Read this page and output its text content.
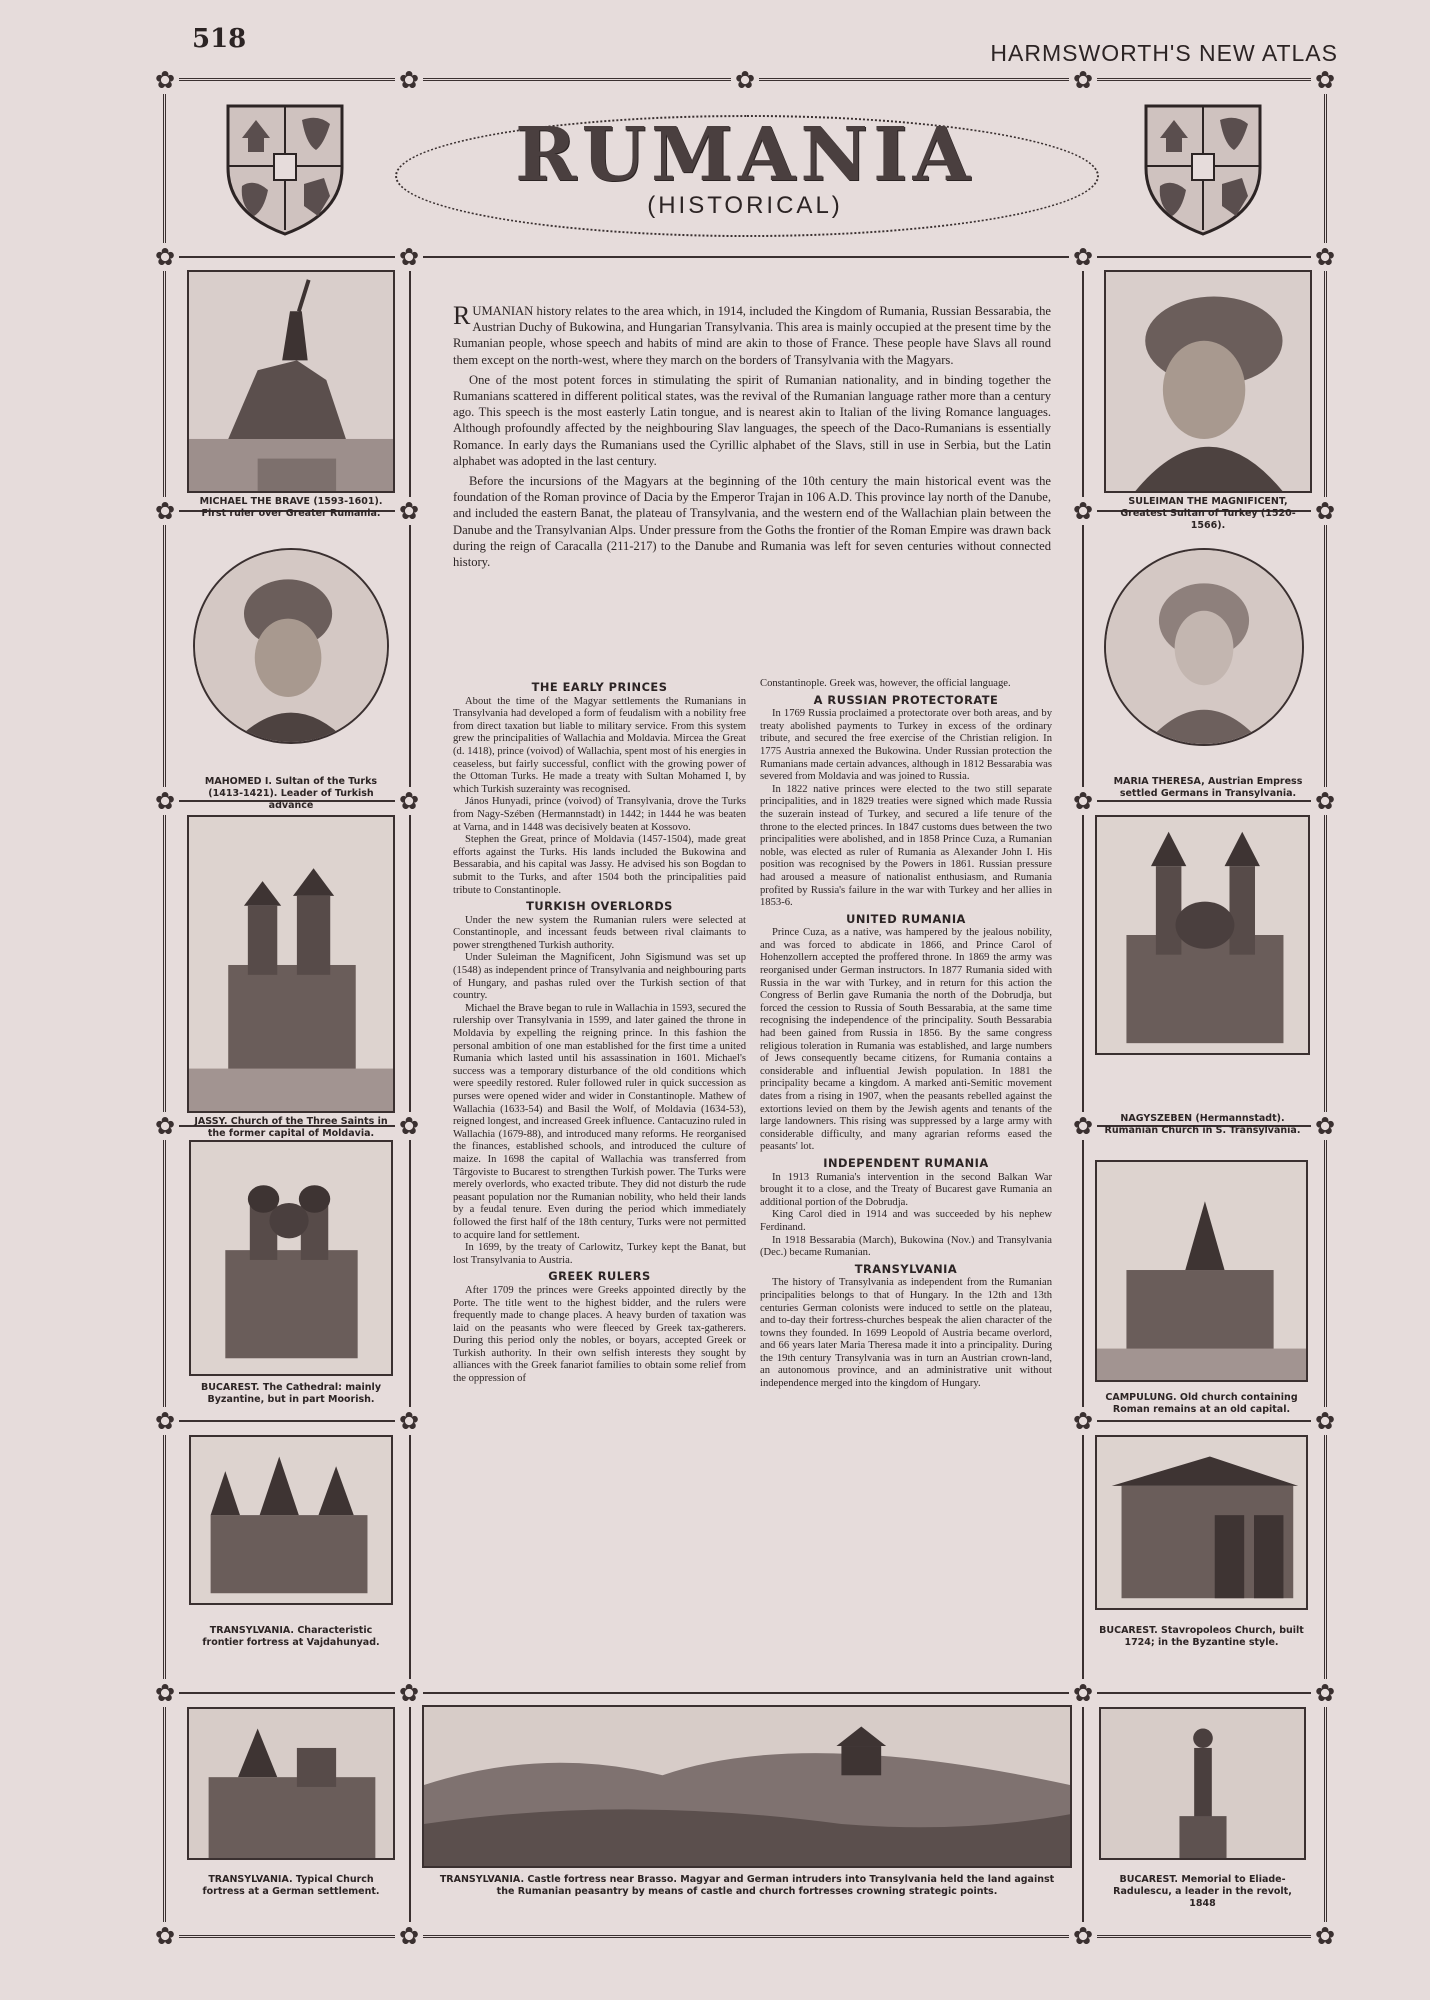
518	HARMSWORTH'S NEW ATLAS
✿	✿	✿	✿	✿
✿	✿	✿	✿
✿	✿	✿	✿
✿	✿	✿	✿
✿	✿	✿	✿
✿	✿	✿	✿
✿	✿	✿	✿
✿	✿	✿	✿
RUMANIA
(HISTORICAL)
MICHAEL THE BRAVE (1593-1601). First ruler over Greater Rumania.
MAHOMED I. Sultan of the Turks (1413-1421). Leader of Turkish advance
JASSY. Church of the Three Saints in the former capital of Moldavia.
BUCAREST. The Cathedral: mainly Byzantine, but in part Moorish.
TRANSYLVANIA. Characteristic frontier fortress at Vajdahunyad.
TRANSYLVANIA. Typical Church fortress at a German settlement.
SULEIMAN THE MAGNIFICENT, Greatest Sultan of Turkey (1520-1566).
MARIA THERESA, Austrian Empress settled Germans in Transylvania.
NAGYSZEBEN (Hermannstadt). Rumanian Church in S. Transylvania.
CAMPULUNG. Old church containing Roman remains at an old capital.
BUCAREST. Stavropoleos Church, built 1724; in the Byzantine style.
BUCAREST. Memorial to Eliade-Radulescu, a leader in the revolt, 1848
TRANSYLVANIA. Castle fortress near Brasso. Magyar and German intruders into Transylvania held the land against the Rumanian peasantry by means of castle and church fortresses crowning strategic points.

RUMANIAN history relates to the area which, in 1914, included the Kingdom of Rumania, Russian Bessarabia, the Austrian Duchy of Bukowina, and Hungarian Transylvania. This area is mainly occupied at the present time by the Rumanian people, whose speech and habits of mind are akin to those of France. These people have Slavs all round them except on the north-west, where they march on the borders of Transylvania with the Magyars.

One of the most potent forces in stimulating the spirit of Rumanian nationality, and in binding together the Rumanians scattered in different political states, was the revival of the Rumanian language rather more than a century ago. This speech is the most easterly Latin tongue, and is nearest akin to Italian of the living Romance languages. Although profoundly affected by the neighbouring Slav languages, the speech of the Daco-Rumanians is essentially Romance. In early days the Rumanians used the Cyrillic alphabet of the Slavs, still in use in Serbia, but the Latin alphabet was adopted in the last century.

Before the incursions of the Magyars at the beginning of the 10th century the main historical event was the foundation of the Roman province of Dacia by the Emperor Trajan in 106 A.D. This province lay north of the Danube, and included the eastern Banat, the plateau of Transylvania, and the western end of the Wallachian plain between the Danube and the Transylvanian Alps. Under pressure from the Goths the frontier of the Roman Empire was drawn back during the reign of Caracalla (211-217) to the Danube and Rumania was left for seven centuries without connected history.

THE EARLY PRINCES

About the time of the Magyar settlements the Rumanians in Transylvania had developed a form of feudalism with a nobility free from direct taxation but liable to military service. From this system grew the principalities of Wallachia and Moldavia. Mircea the Great (d. 1418), prince (voivod) of Wallachia, spent most of his energies in ceaseless, but fairly successful, conflict with the growing power of the Ottoman Turks. He made a treaty with Sultan Mohamed I, by which Turkish suzerainty was recognised.

János Hunyadi, prince (voivod) of Transylvania, drove the Turks from Nagy-Szében (Hermannstadt) in 1442; in 1444 he was beaten at Varna, and in 1448 was decisively beaten at Kossovo.

Stephen the Great, prince of Moldavia (1457-1504), made great efforts against the Turks. His lands included the Bukowina and Bessarabia, and his capital was Jassy. He advised his son Bogdan to submit to the Turks, and after 1504 both the principalities paid tribute to Constantinople.

TURKISH OVERLORDS

Under the new system the Rumanian rulers were selected at Constantinople, and incessant feuds between rival claimants to power strengthened Turkish authority.

Under Suleiman the Magnificent, John Sigismund was set up (1548) as independent prince of Transylvania and neighbouring parts of Hungary, and pashas ruled over the Turkish section of that country.

Michael the Brave began to rule in Wallachia in 1593, secured the rulership over Transylvania in 1599, and later gained the throne in Moldavia by expelling the reigning prince. In this fashion the personal ambition of one man established for the first time a united Rumania which lasted until his assassination in 1601. Michael's success was a temporary disturbance of the old conditions which were speedily restored. Ruler followed ruler in quick succession as purses were opened wider and wider in Constantinople. Mathew of Wallachia (1633-54) and Basil the Wolf, of Moldavia (1634-53), reigned longest, and increased Greek influence. Cantacuzino ruled in Wallachia (1679-88), and introduced many reforms. He reorganised the finances, established schools, and introduced the culture of maize. In 1698 the capital of Wallachia was transferred from Târgoviste to Bucarest to strengthen Turkish power. The Turks were merely overlords, who exacted tribute. They did not disturb the rude peasant population nor the Rumanian nobility, who held their lands by a feudal tenure. Even during the period which immediately followed the first half of the 18th century, Turks were not permitted to acquire land for settlement.

In 1699, by the treaty of Carlowitz, Turkey kept the Banat, but lost Transylvania to Austria.

GREEK RULERS

After 1709 the princes were Greeks appointed directly by the Porte. The title went to the highest bidder, and the rulers were frequently made to change places. A heavy burden of taxation was laid on the peasants who were fleeced by Greek tax-gatherers. During this period only the nobles, or boyars, accepted Greek or Turkish authority. In their own selfish interests they sought by alliances with the Greek fanariot families to obtain some relief from the oppression of

Constantinople. Greek was, however, the official language.

A RUSSIAN PROTECTORATE

In 1769 Russia proclaimed a protectorate over both areas, and by treaty abolished payments to Turkey in excess of the ordinary tribute, and secured the free exercise of the Christian religion. In 1775 Austria annexed the Bukowina. Under Russian protection the Rumanians made certain advances, although in 1812 Bessarabia was severed from Moldavia and was joined to Russia.

In 1822 native princes were elected to the two still separate principalities, and in 1829 treaties were signed which made Russia the suzerain instead of Turkey, and secured a life tenure of the throne to the elected princes. In 1847 customs dues between the two principalities were abolished, and in 1858 Prince Cuza, a Rumanian noble, was elected as ruler of Rumania as Alexander John I. His position was recognised by the Powers in 1861. Russian pressure had aroused a measure of nationalist enthusiasm, and Rumania profited by Russia's failure in the war with Turkey and her allies in 1853-6.

UNITED RUMANIA

Prince Cuza, as a native, was hampered by the jealous nobility, and was forced to abdicate in 1866, and Prince Carol of Hohenzollern accepted the proffered throne. In 1869 the army was reorganised under German instructors. In 1877 Rumania sided with Russia in the war with Turkey, and in return for this action the Congress of Berlin gave Rumania the north of the Dobrudja, but forced the cession to Russia of South Bessarabia, at the same time recognising the independence of the principality. South Bessarabia had been gained from Russia in 1856. By the same congress religious toleration in Rumania was established, and large numbers of Jews consequently became citizens, for Rumania contains a considerable and influential Jewish population. In 1881 the principality became a kingdom. A marked anti-Semitic movement dates from a rising in 1907, when the peasants rebelled against the extortions levied on them by the Jewish agents and tenants of the large landowners. This rising was suppressed by a large army with considerable difficulty, and many agrarian reforms eased the peasants' lot.

INDEPENDENT RUMANIA

In 1913 Rumania's intervention in the second Balkan War brought it to a close, and the Treaty of Bucarest gave Rumania an additional portion of the Dobrudja.

King Carol died in 1914 and was succeeded by his nephew Ferdinand.

In 1918 Bessarabia (March), Bukowina (Nov.) and Transylvania (Dec.) became Rumanian.

TRANSYLVANIA

The history of Transylvania as independent from the Rumanian principalities belongs to that of Hungary. In the 12th and 13th centuries German colonists were induced to settle on the plateau, and to-day their fortress-churches bespeak the alien character of the towns they founded. In 1699 Leopold of Austria became overlord, and 66 years later Maria Theresa made it into a principality. During the 19th century Transylvania was in turn an Austrian crown-land, an autonomous province, and an administrative unit without independence merged into the kingdom of Hungary.
